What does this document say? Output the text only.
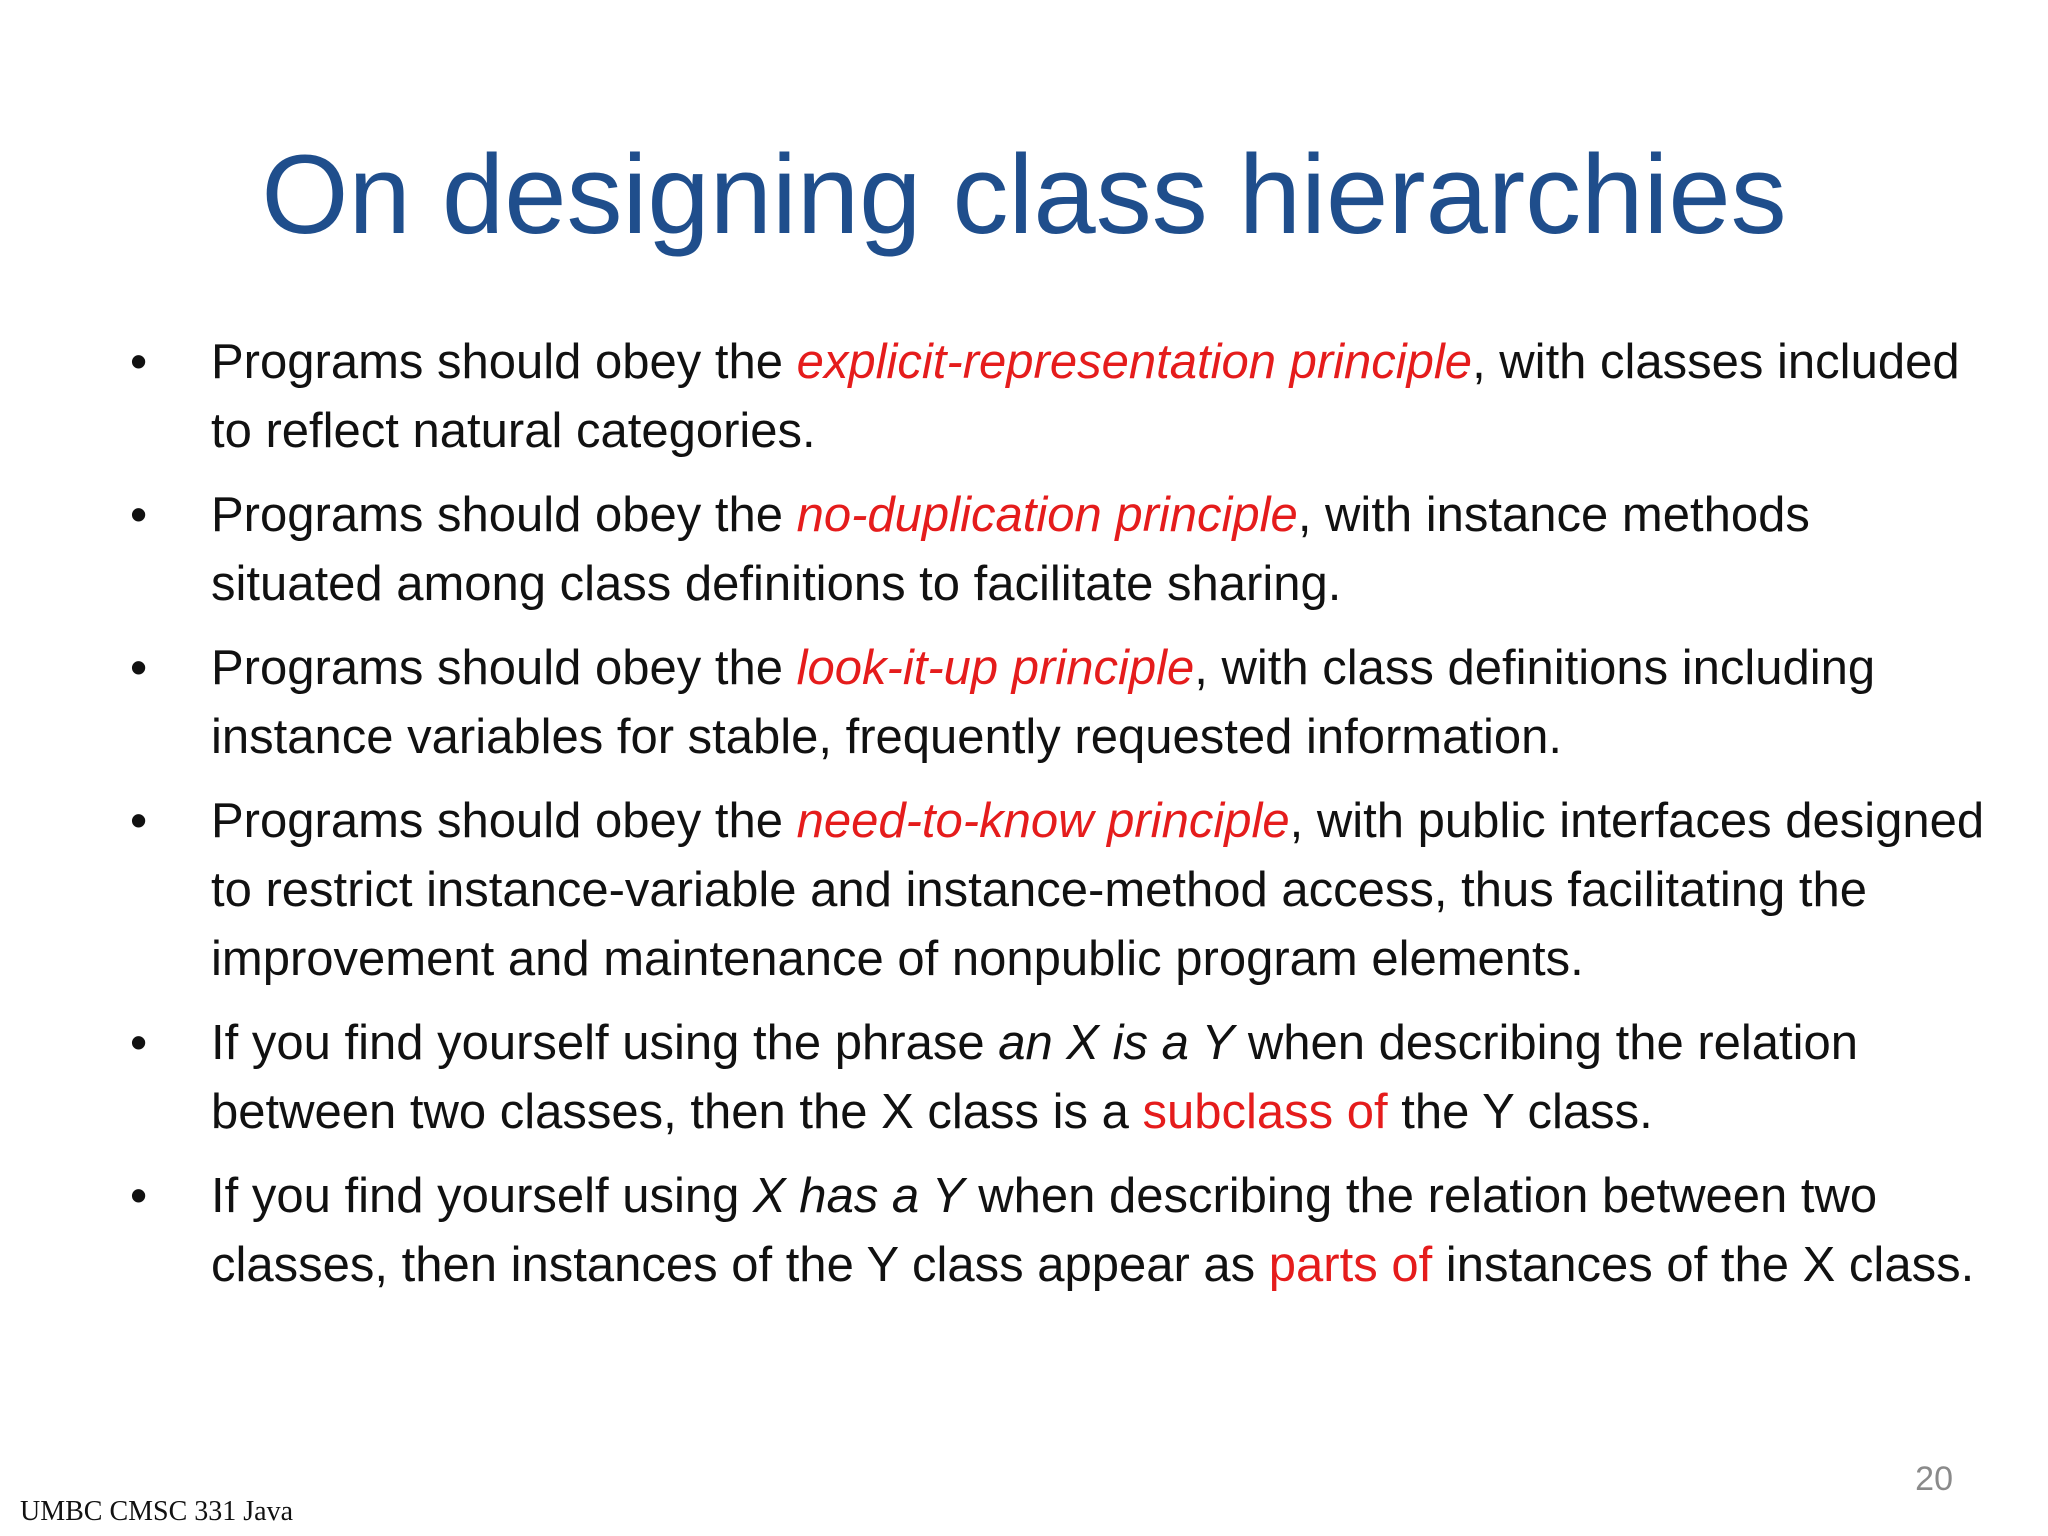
On designing class hierarchies
• Programs should obey the explicit-representation principle, with classes included to reflect natural categories.
• Programs should obey the no-duplication principle, with instance methods situated among class definitions to facilitate sharing.
• Programs should obey the look-it-up principle, with class definitions including instance variables for stable, frequently requested information.
• Programs should obey the need-to-know principle, with public interfaces designed to restrict instance-variable and instance-method access, thus facilitating the improvement and maintenance of nonpublic program elements.
• If you find yourself using the phrase an X is a Y when describing the relation between two classes, then the X class is a subclass of the Y class.
• If you find yourself using X has a Y when describing the relation between two classes, then instances of the Y class appear as parts of instances of the X class.
20
UMBC CMSC 331 Java
